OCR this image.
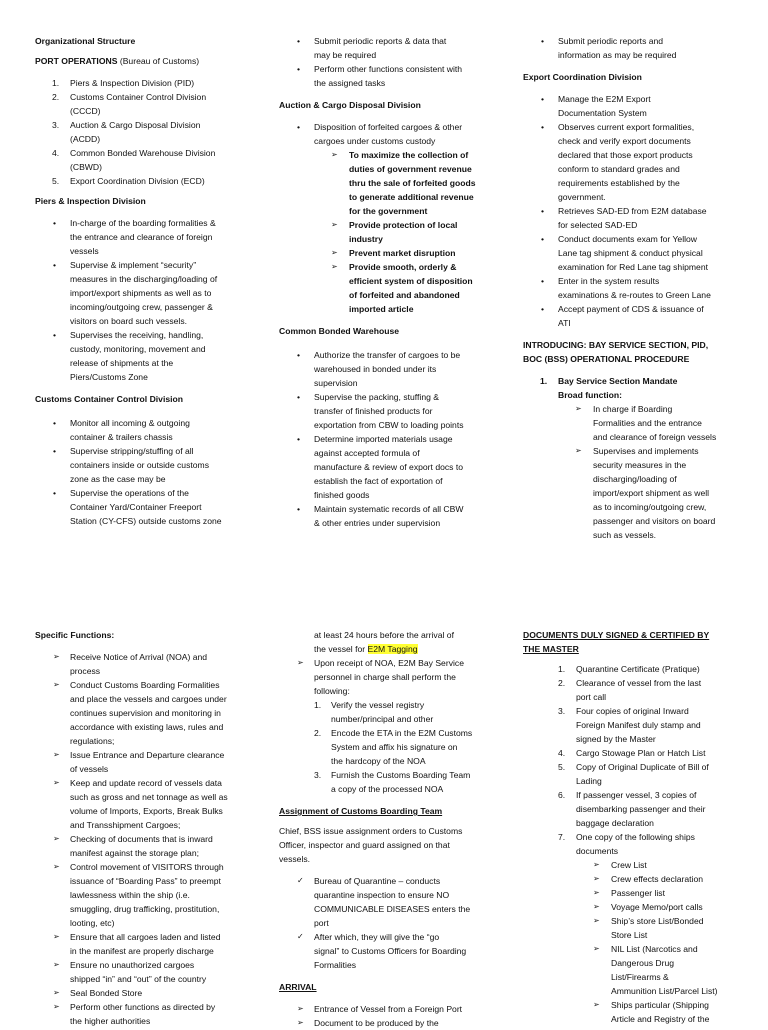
Organizational Structure
PORT OPERATIONS (Bureau of Customs)
1. Piers & Inspection Division (PID)
2. Customs Container Control Division
(CCCD)
3. Auction & Cargo Disposal Division
(ACDD)
4. Common Bonded Warehouse Division
(CBWD)
5. Export Coordination Division (ECD)
Piers & Inspection Division
• In-charge of the boarding formalities &
the entrance and clearance of foreign
vessels
• Supervise & implement “security”
measures in the discharging/loading of
import/export shipments as well as to
incoming/outgoing crew, passenger &
visitors on board such vessels.
• Supervises the receiving, handling,
custody, monitoring, movement and
release of shipments at the
Piers/Customs Zone
Customs Container Control Division
• Monitor all incoming & outgoing
container & trailers chassis
• Supervise stripping/stuffing of all
containers inside or outside customs
zone as the case may be
• Supervise the operations of the
Container Yard/Container Freeport
Station (CY-CFS) outside customs zone
• Submit periodic reports & data that
may be required
• Perform other functions consistent with
the assigned tasks
Auction & Cargo Disposal Division
• Disposition of forfeited cargoes & other
cargoes under customs custody
➢ To maximize the collection of
duties of government revenue
thru the sale of forfeited goods
to generate additional revenue
for the government
➢ Provide protection of local
industry
➢ Prevent market disruption
➢ Provide smooth, orderly &
efficient system of disposition
of forfeited and abandoned
imported article
Common Bonded Warehouse
• Authorize the transfer of cargoes to be
warehoused in bonded under its
supervision
• Supervise the packing, stuffing &
transfer of finished products for
exportation from CBW to loading points
• Determine imported materials usage
against accepted formula of
manufacture & review of export docs to
establish the fact of exportation of
finished goods
• Maintain systematic records of all CBW
& other entries under supervision
• Submit periodic reports and
information as may be required
Export Coordination Division
• Manage the E2M Export
Documentation System
• Observes current export formalities,
check and verify export documents
declared that those export products
conform to standard grades and
requirements established by the
government.
• Retrieves SAD-ED from E2M database
for selected SAD-ED
• Conduct documents exam for Yellow
Lane tag shipment & conduct physical
examination for Red Lane tag shipment
• Enter in the system results
examinations & re-routes to Green Lane
• Accept payment of CDS & issuance of
ATI
INTRODUCING: BAY SERVICE SECTION, PID,
BOC (BSS) OPERATIONAL PROCEDURE
1. Bay Service Section Mandate
Broad function:
➢ In charge if Boarding
Formalities and the entrance
and clearance of foreign vessels
➢ Supervises and implements
security measures in the
discharging/loading of
import/export shipment as well
as to incoming/outgoing crew,
passenger and visitors on board
such as vessels.
Specific Functions:
➢ Receive Notice of Arrival (NOA) and
process
➢ Conduct Customs Boarding Formalities
and place the vessels and cargoes under
continues supervision and monitoring in
accordance with existing laws, rules and
regulations;
➢ Issue Entrance and Departure clearance
of vessels
➢ Keep and update record of vessels data
such as gross and net tonnage as well as
volume of Imports, Exports, Break Bulks
and Transshipment Cargoes;
➢ Checking of documents that is inward
manifest against the storage plan;
➢ Control movement of VISITORS through
issuance of “Boarding Pass” to preempt
lawlessness within the ship (i.e.
smuggling, drug trafficking, prostitution,
looting, etc)
➢ Ensure that all cargoes laden and listed
in the manifest are properly discharge
➢ Ensure no unauthorized cargoes
shipped “in” and “out” of the country
➢ Seal Bonded Store
➢ Perform other functions as directed by
the higher authorities
at least 24 hours before the arrival of
the vessel for E2M Tagging
➢ Upon receipt of NOA, E2M Bay Service
personnel in charge shall perform the
following:
1. Verify the vessel registry
number/principal and other
2. Encode the ETA in the E2M Customs
System and affix his signature on
the hardcopy of the NOA
3. Furnish the Customs Boarding Team
a copy of the processed NOA
Assignment of Customs Boarding Team
Chief, BSS issue assignment orders to Customs
Officer, inspector and guard assigned on that
vessels.
✓ Bureau of Quarantine – conducts
quarantine inspection to ensure NO
COMMUNICABLE DISEASES enters the
port
✓ After which, they will give the “go
signal” to Customs Officers for Boarding
Formalities
ARRIVAL
➢ Entrance of Vessel from a Foreign Port
➢ Document to be produced by the
DOCUMENTS DULY SIGNED & CERTIFIED BY
THE MASTER
1. Quarantine Certificate (Pratique)
2. Clearance of vessel from the last
port call
3. Four copies of original Inward
Foreign Manifest duly stamp and
signed by the Master
4. Cargo Stowage Plan or Hatch List
5. Copy of Original Duplicate of Bill of
Lading
6. If passenger vessel, 3 copies of
disembarking passenger and their
baggage declaration
7. One copy of the following ships
documents
➢ Crew List
➢ Crew effects declaration
➢ Passenger list
➢ Voyage Memo/port calls
➢ Ship’s store List/Bonded
Store List
➢ NIL List (Narcotics and
Dangerous Drug
List/Firearms &
Ammunition List/Parcel List)
➢ Ships particular (Shipping
Article and Registry of the
